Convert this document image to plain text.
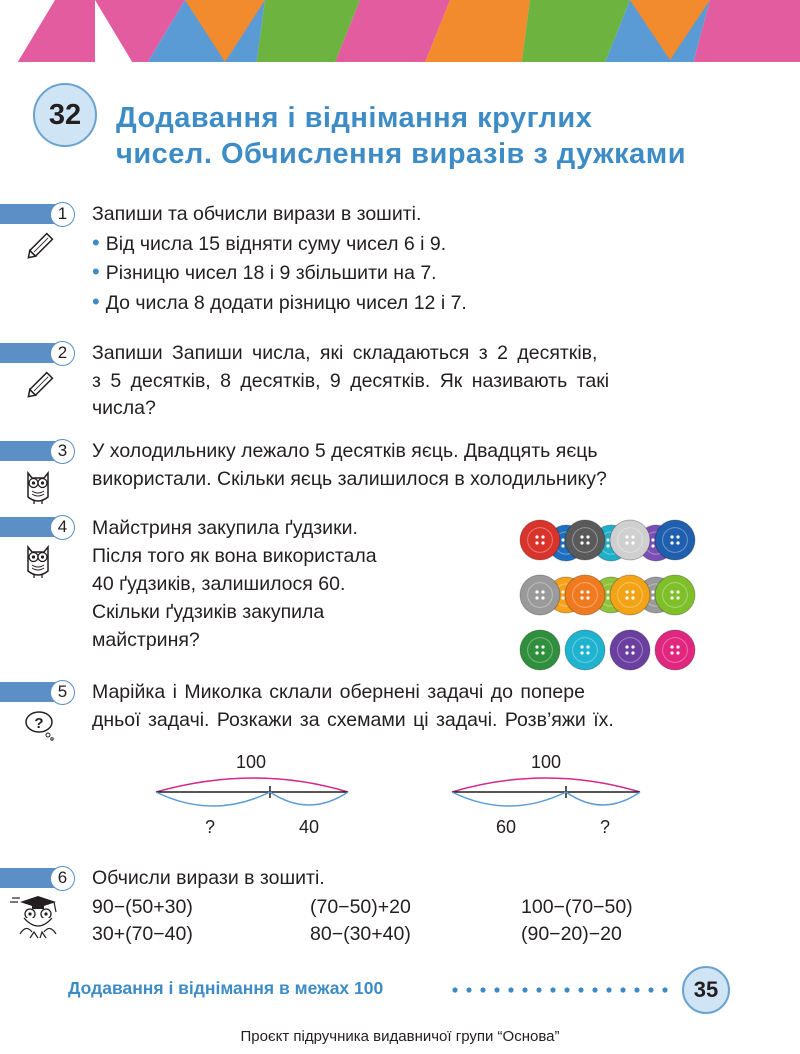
32	Додавання і віднімання круглих
чисел. Обчислення виразів з дужками
1	Запиши та обчисли вирази в зошиті.
• Від числа 15 відняти суму чисел 6 і 9.
• Різницю чисел 18 і 9 збільшити на 7.
• До числа 8 додати різницю чисел 12 і 7.
2	Запиши Запиши числа, які складаються з 2 десятків,
з 5 десятків, 8 десятків, 9 десятків. Як називають такі
числа?
3	У холодильнику лежало 5 десятків яєць. Двадцять яєць
використали. Скільки яєць залишилося в холодильнику?
4	Майстриня закупила ґудзики.
Після того як вона використала
40 ґудзиків, залишилося 60.
Скільки ґудзиків закупила
майстриня?
5
?
Марійка і Миколка склали обернені задачі до попере
дньої задачі. Розкажи за схемами ці задачі. Розв’яжи їх.
100
?	40
100
60	?
6	Обчисли вирази в зошиті.
90−(50+30)	(70−50)+20	100−(70−50)
30+(70−40)	80−(30+40)	(90−20)−20
Додавання і віднімання в межах 100	35
Проєкт підручника видавничої групи “Основа”
